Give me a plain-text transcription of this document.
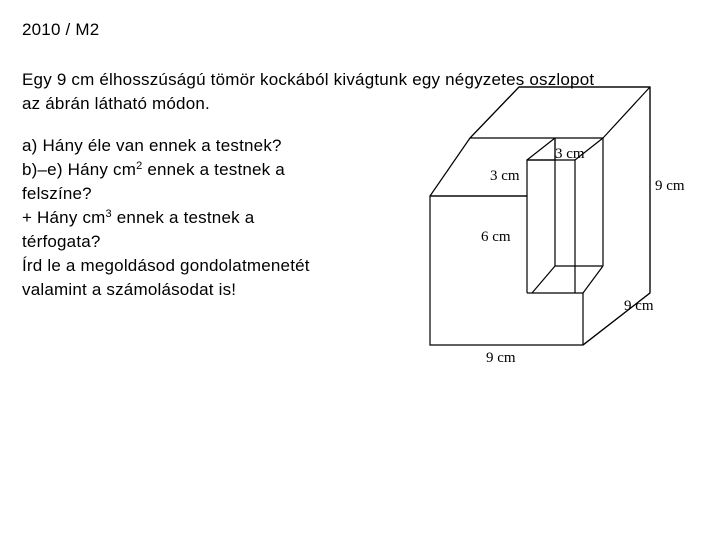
2010 / M2

Egy 9 cm élhosszúságú tömör kockából kivágtunk egy négyzetes oszlopot

az ábrán látható módon.

a) Hány éle van ennek a testnek?

b)–e) Hány $cm^2$ ennek a testnek a

felszíne?

+ Hány $cm^3$ ennek a testnek a

térfogata?

Írd le a megoldásod gondolatmenetét

valamint a számolásodat is!

3 cm
3 cm
9 cm
6 cm
9 cm
9 cm
